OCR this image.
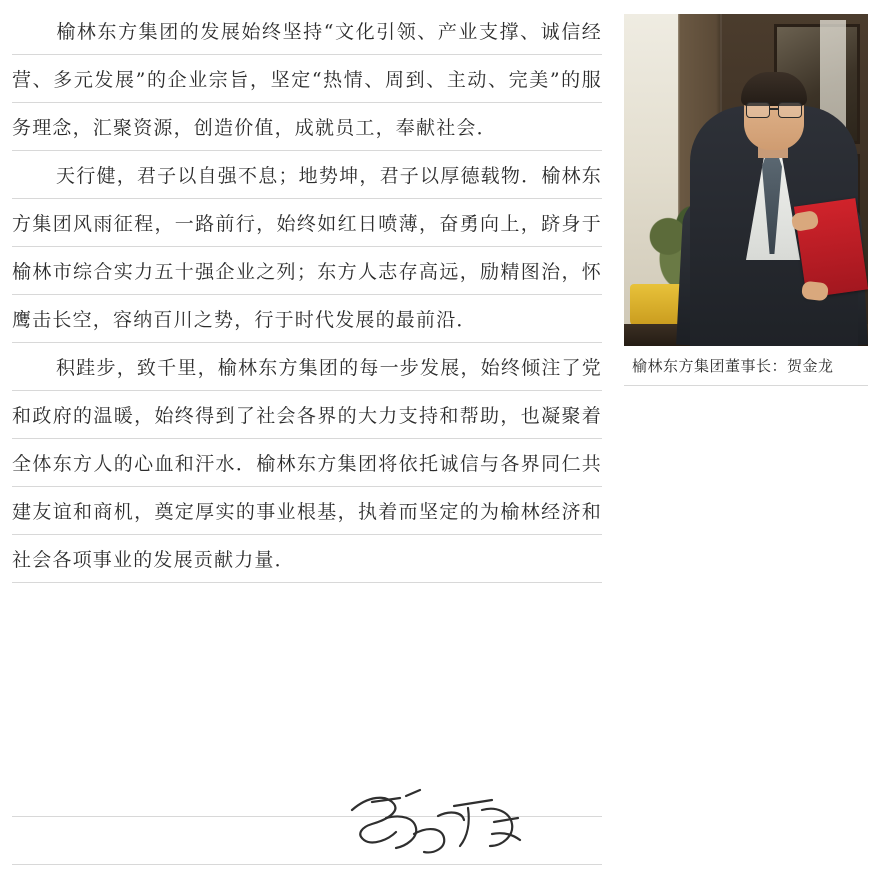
榆林东方集团的发展始终坚持“文化引领、产业支撑、诚信经营、多元发展”的企业宗旨，坚定“热情、周到、主动、完美”的服务理念，汇聚资源，创造价值，成就员工，奉献社会．

天行健，君子以自强不息；地势坤，君子以厚德载物．榆林东方集团风雨征程，一路前行，始终如红日喷薄，奋勇向上，跻身于榆林市综合实力五十强企业之列；东方人志存高远，励精图治，怀鹰击长空，容纳百川之势，行于时代发展的最前沿．

积跬步，致千里，榆林东方集团的每一步发展，始终倾注了党和政府的温暖，始终得到了社会各界的大力支持和帮助，也凝聚着全体东方人的心血和汗水．榆林东方集团将依托诚信与各界同仁共建友谊和商机，奠定厚实的事业根基，执着而坚定的为榆林经济和社会各项事业的发展贡献力量．

榆林东方集团董事长：贺金龙
